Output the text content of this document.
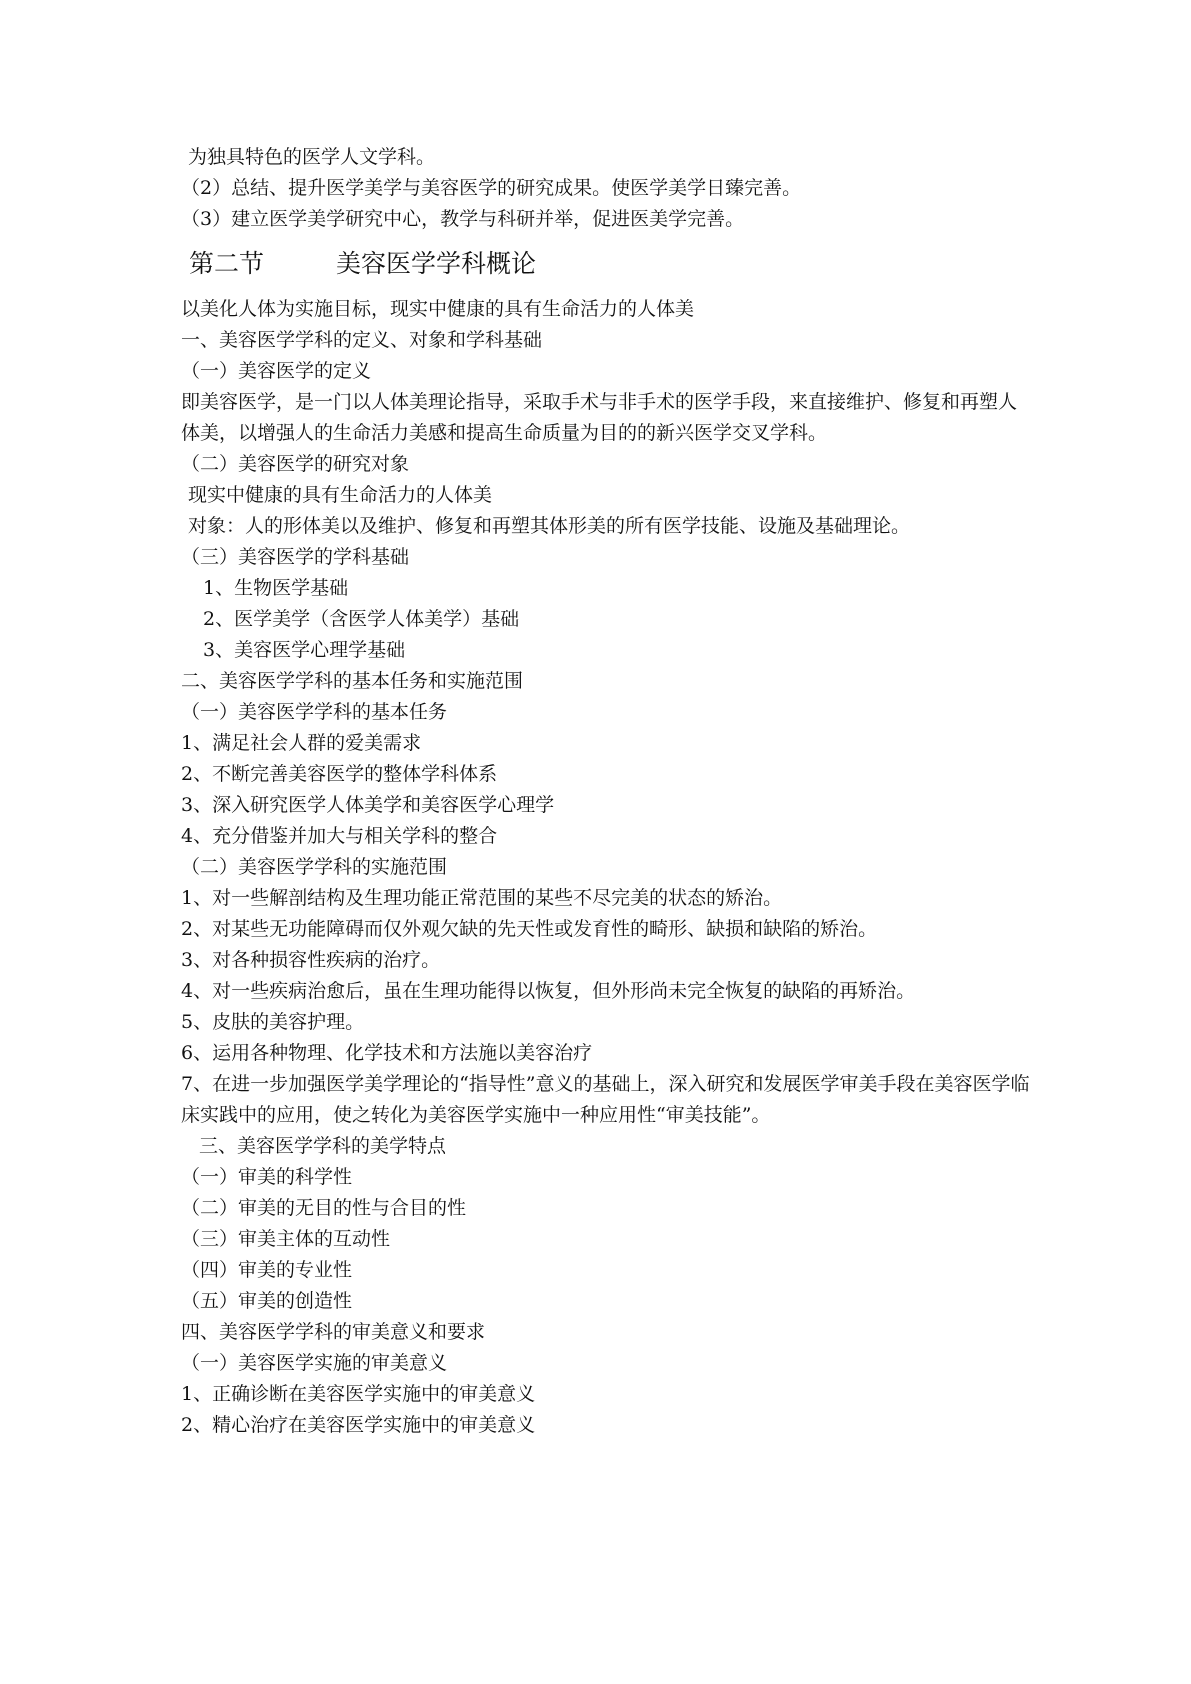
为独具特色的医学人文学科。
（2）总结、提升医学美学与美容医学的研究成果。使医学美学日臻完善。
（3）建立医学美学研究中心，教学与科研并举，促进医美学完善。
第二节	美容医学学科概论
以美化人体为实施目标，现实中健康的具有生命活力的人体美
一、美容医学学科的定义、对象和学科基础
（一）美容医学的定义
即美容医学，是一门以人体美理论指导，采取手术与非手术的医学手段，来直接维护、修复和再塑人体美，以增强人的生命活力美感和提高生命质量为目的的新兴医学交叉学科。
（二）美容医学的研究对象
现实中健康的具有生命活力的人体美
对象：人的形体美以及维护、修复和再塑其体形美的所有医学技能、设施及基础理论。
（三）美容医学的学科基础
1、生物医学基础
2、医学美学（含医学人体美学）基础
3、美容医学心理学基础
二、美容医学学科的基本任务和实施范围
（一）美容医学学科的基本任务
1、满足社会人群的爱美需求
2、不断完善美容医学的整体学科体系
3、深入研究医学人体美学和美容医学心理学
4、充分借鉴并加大与相关学科的整合
（二）美容医学学科的实施范围
1、对一些解剖结构及生理功能正常范围的某些不尽完美的状态的矫治。
2、对某些无功能障碍而仅外观欠缺的先天性或发育性的畸形、缺损和缺陷的矫治。
3、对各种损容性疾病的治疗。
4、对一些疾病治愈后，虽在生理功能得以恢复，但外形尚未完全恢复的缺陷的再矫治。
5、皮肤的美容护理。
6、运用各种物理、化学技术和方法施以美容治疗
7、在进一步加强医学美学理论的“指导性”意义的基础上，深入研究和发展医学审美手段在美容医学临床实践中的应用，使之转化为美容医学实施中一种应用性“审美技能”。
三、美容医学学科的美学特点
（一）审美的科学性
（二）审美的无目的性与合目的性
（三）审美主体的互动性
（四）审美的专业性
（五）审美的创造性
四、美容医学学科的审美意义和要求
（一）美容医学实施的审美意义
1、正确诊断在美容医学实施中的审美意义
2、精心治疗在美容医学实施中的审美意义
